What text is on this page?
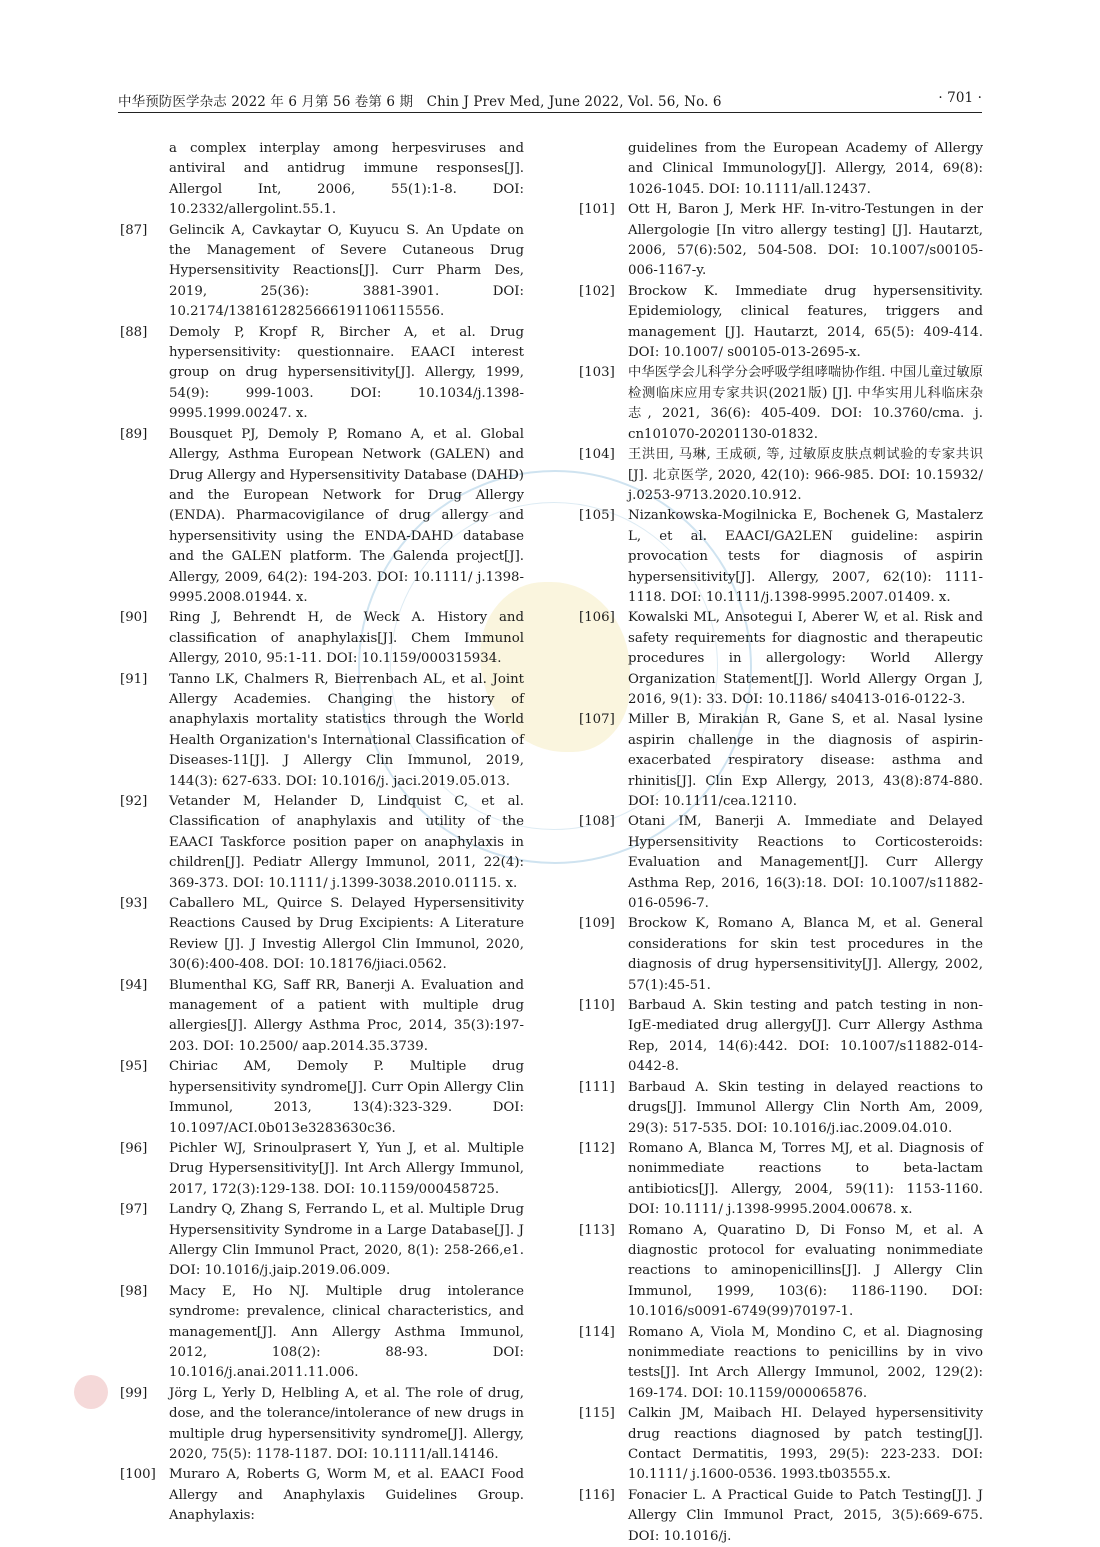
中华预防医学杂志 2022 年 6 月第 56 卷第 6 期　Chin J Prev Med, June 2022, Vol. 56, No. 6	· 701 ·
a complex interplay among herpesviruses and antiviral and antidrug immune responses[J]. Allergol Int, 2006, 55(1):1-8. DOI: 10.2332/allergolint.55.1.
[87]	Gelincik A, Cavkaytar O, Kuyucu S. An Update on the Management of Severe Cutaneous Drug Hypersensitivity Reactions[J]. Curr Pharm Des, 2019, 25(36): 3881-3901. DOI: 10.2174/1381612825666191106115556.
[88]	Demoly P, Kropf R, Bircher A, et al. Drug hypersensitivity: questionnaire. EAACI interest group on drug hypersensitivity[J]. Allergy, 1999, 54(9): 999-1003. DOI: 10.1034/j.1398-9995.1999.00247. x.
[89]	Bousquet PJ, Demoly P, Romano A, et al. Global Allergy, Asthma European Network (GALEN) and Drug Allergy and Hypersensitivity Database (DAHD) and the European Network for Drug Allergy (ENDA). Pharmacovigilance of drug allergy and hypersensitivity using the ENDA-DAHD database and the GALEN platform. The Galenda project[J]. Allergy, 2009, 64(2): 194-203. DOI: 10.1111/ j.1398-9995.2008.01944. x.
[90]	Ring J, Behrendt H, de Weck A. History and classification of anaphylaxis[J]. Chem Immunol Allergy, 2010, 95:1-11. DOI: 10.1159/000315934.
[91]	Tanno LK, Chalmers R, Bierrenbach AL, et al. Joint Allergy Academies. Changing the history of anaphylaxis mortality statistics through the World Health Organization's International Classification of Diseases-11[J]. J Allergy Clin Immunol, 2019, 144(3): 627-633. DOI: 10.1016/j. jaci.2019.05.013.
[92]	Vetander M, Helander D, Lindquist C, et al. Classification of anaphylaxis and utility of the EAACI Taskforce position paper on anaphylaxis in children[J]. Pediatr Allergy Immunol, 2011, 22(4): 369-373. DOI: 10.1111/ j.1399-3038.2010.01115. x.
[93]	Caballero ML, Quirce S. Delayed Hypersensitivity Reactions Caused by Drug Excipients: A Literature Review [J]. J Investig Allergol Clin Immunol, 2020, 30(6):400-408. DOI: 10.18176/jiaci.0562.
[94]	Blumenthal KG, Saff RR, Banerji A. Evaluation and management of a patient with multiple drug allergies[J]. Allergy Asthma Proc, 2014, 35(3):197-203. DOI: 10.2500/ aap.2014.35.3739.
[95]	Chiriac AM, Demoly P. Multiple drug hypersensitivity syndrome[J]. Curr Opin Allergy Clin Immunol, 2013, 13(4):323-329. DOI: 10.1097/ACI.0b013e3283630c36.
[96]	Pichler WJ, Srinoulprasert Y, Yun J, et al. Multiple Drug Hypersensitivity[J]. Int Arch Allergy Immunol, 2017, 172(3):129-138. DOI: 10.1159/000458725.
[97]	Landry Q, Zhang S, Ferrando L, et al. Multiple Drug Hypersensitivity Syndrome in a Large Database[J]. J Allergy Clin Immunol Pract, 2020, 8(1): 258-266,e1. DOI: 10.1016/j.jaip.2019.06.009.
[98]	Macy E, Ho NJ. Multiple drug intolerance syndrome: prevalence, clinical characteristics, and management[J]. Ann Allergy Asthma Immunol, 2012, 108(2): 88-93. DOI: 10.1016/j.anai.2011.11.006.
[99]	Jörg L, Yerly D, Helbling A, et al. The role of drug, dose, and the tolerance/intolerance of new drugs in multiple drug hypersensitivity syndrome[J]. Allergy, 2020, 75(5): 1178-1187. DOI: 10.1111/all.14146.
[100] Muraro A, Roberts G, Worm M, et al. EAACI Food Allergy and Anaphylaxis Guidelines Group. Anaphylaxis:
guidelines from the European Academy of Allergy and Clinical Immunology[J]. Allergy, 2014, 69(8): 1026-1045. DOI: 10.1111/all.12437.
[101] Ott H, Baron J, Merk HF. In-vitro-Testungen in der Allergologie [In vitro allergy testing] [J]. Hautarzt, 2006, 57(6):502, 504-508. DOI: 10.1007/s00105-006-1167-y.
[102] Brockow K. Immediate drug hypersensitivity. Epidemiology, clinical features, triggers and management [J]. Hautarzt, 2014, 65(5): 409-414. DOI: 10.1007/ s00105-013-2695-x.
[103] 中华医学会儿科学分会呼吸学组哮喘协作组. 中国儿童过敏原检测临床应用专家共识(2021版) [J]. 中华实用儿科临床杂志, 2021, 36(6): 405-409. DOI: 10.3760/cma. j. cn101070-20201130-01832.
[104] 王洪田, 马琳, 王成硕, 等, 过敏原皮肤点刺试验的专家共识[J]. 北京医学, 2020, 42(10): 966-985. DOI: 10.15932/ j.0253-9713.2020.10.912.
[105] Nizankowska-Mogilnicka E, Bochenek G, Mastalerz L, et al. EAACI/GA2LEN guideline: aspirin provocation tests for diagnosis of aspirin hypersensitivity[J]. Allergy, 2007, 62(10): 1111-1118. DOI: 10.1111/j.1398-9995.2007.01409. x.
[106] Kowalski ML, Ansotegui I, Aberer W, et al. Risk and safety requirements for diagnostic and therapeutic procedures in allergology: World Allergy Organization Statement[J]. World Allergy Organ J, 2016, 9(1): 33. DOI: 10.1186/ s40413-016-0122-3.
[107] Miller B, Mirakian R, Gane S, et al. Nasal lysine aspirin challenge in the diagnosis of aspirin-exacerbated respiratory disease: asthma and rhinitis[J]. Clin Exp Allergy, 2013, 43(8):874-880. DOI: 10.1111/cea.12110.
[108] Otani IM, Banerji A. Immediate and Delayed Hypersensitivity Reactions to Corticosteroids: Evaluation and Management[J]. Curr Allergy Asthma Rep, 2016, 16(3):18. DOI: 10.1007/s11882-016-0596-7.
[109] Brockow K, Romano A, Blanca M, et al. General considerations for skin test procedures in the diagnosis of drug hypersensitivity[J]. Allergy, 2002, 57(1):45-51.
[110] Barbaud A. Skin testing and patch testing in non-IgE-mediated drug allergy[J]. Curr Allergy Asthma Rep, 2014, 14(6):442. DOI: 10.1007/s11882-014-0442-8.
[111] Barbaud A. Skin testing in delayed reactions to drugs[J]. Immunol Allergy Clin North Am, 2009, 29(3): 517-535. DOI: 10.1016/j.iac.2009.04.010.
[112] Romano A, Blanca M, Torres MJ, et al. Diagnosis of nonimmediate reactions to beta-lactam antibiotics[J]. Allergy, 2004, 59(11): 1153-1160. DOI: 10.1111/ j.1398-9995.2004.00678. x.
[113] Romano A, Quaratino D, Di Fonso M, et al. A diagnostic protocol for evaluating nonimmediate reactions to aminopenicillins[J]. J Allergy Clin Immunol, 1999, 103(6): 1186-1190. DOI: 10.1016/s0091-6749(99)70197-1.
[114] Romano A, Viola M, Mondino C, et al. Diagnosing nonimmediate reactions to penicillins by in vivo tests[J]. Int Arch Allergy Immunol, 2002, 129(2): 169-174. DOI: 10.1159/000065876.
[115] Calkin JM, Maibach HI. Delayed hypersensitivity drug reactions diagnosed by patch testing[J]. Contact Dermatitis, 1993, 29(5): 223-233. DOI: 10.1111/ j.1600-0536. 1993.tb03555.x.
[116] Fonacier L. A Practical Guide to Patch Testing[J]. J Allergy Clin Immunol Pract, 2015, 3(5):669-675. DOI: 10.1016/j.
